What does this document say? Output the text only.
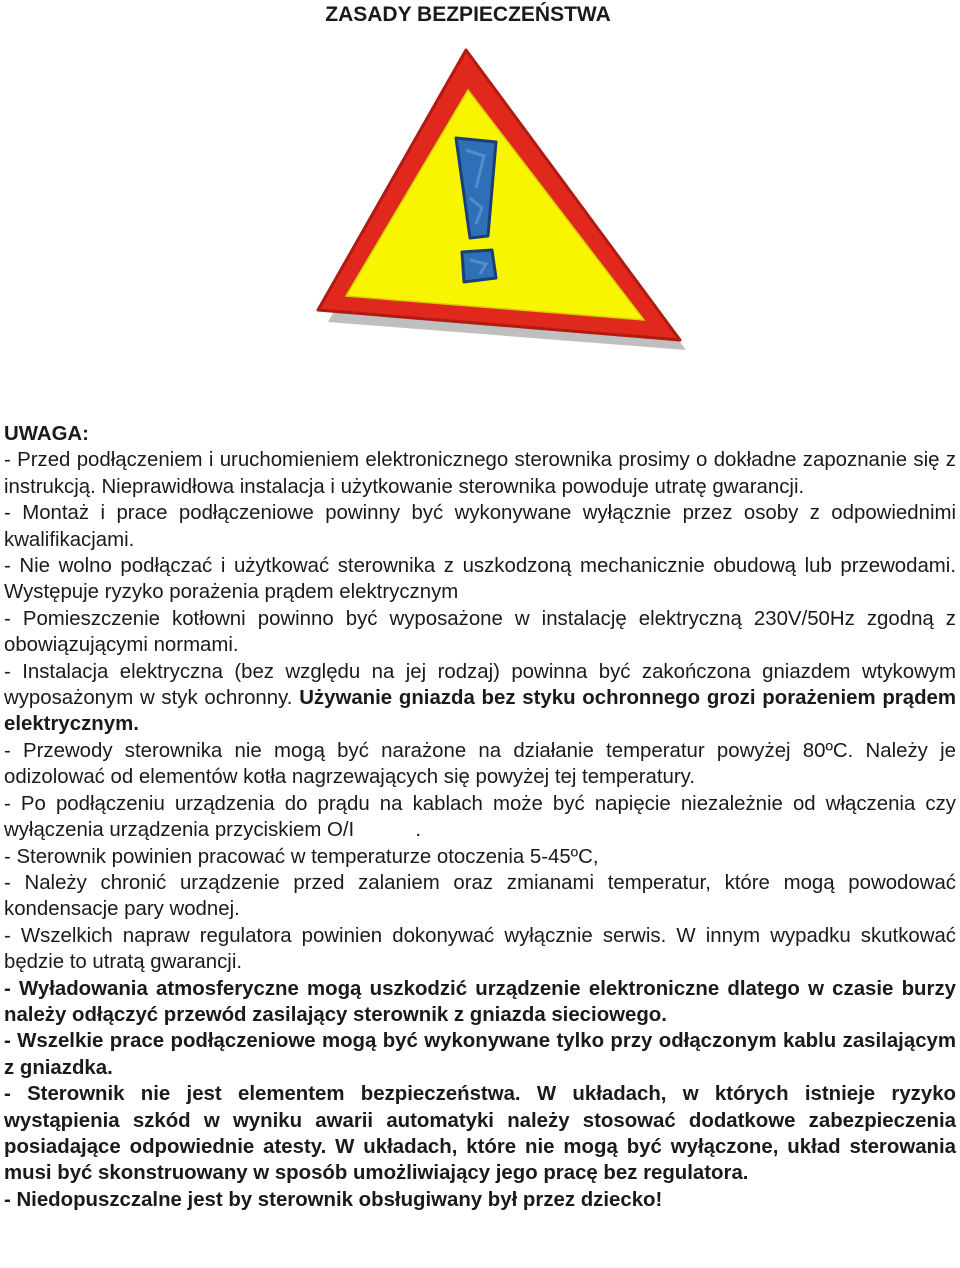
ZASADY BEZPIECZEŃSTWA

UWAGA:

- Przed podłączeniem i uruchomieniem elektronicznego sterownika prosimy o dokładne zapoznanie się z instrukcją. Nieprawidłowa instalacja i użytkowanie sterownika powoduje utratę gwarancji.

- Montaż i prace podłączeniowe powinny być wykonywane wyłącznie przez osoby z odpowiednimi kwalifikacjami.

- Nie wolno podłączać i użytkować sterownika z uszkodzoną mechanicznie obudową lub przewodami. Występuje ryzyko porażenia prądem elektrycznym

- Pomieszczenie kotłowni powinno być wyposażone w instalację elektryczną 230V/50Hz zgodną z obowiązującymi normami.

- Instalacja elektryczna (bez względu na jej rodzaj) powinna być zakończona gniazdem wtykowym wyposażonym w styk ochronny. Używanie gniazda bez styku ochronnego grozi porażeniem prądem elektrycznym.

- Przewody sterownika nie mogą być narażone na działanie temperatur powyżej 80ºC. Należy je odizolować od elementów kotła nagrzewających się powyżej tej temperatury.

- Po podłączeniu urządzenia do prądu na kablach może być napięcie niezależnie od włączenia czy wyłączenia urządzenia przyciskiem O/I   .

- Sterownik powinien pracować w temperaturze otoczenia 5-45ºC,

- Należy chronić urządzenie przed zalaniem oraz zmianami temperatur, które mogą powodować kondensacje pary wodnej.

- Wszelkich napraw regulatora powinien dokonywać wyłącznie serwis. W innym wypadku skutkować będzie to utratą gwarancji.

- Wyładowania atmosferyczne mogą uszkodzić urządzenie elektroniczne dlatego w czasie burzy należy odłączyć przewód zasilający sterownik z gniazda sieciowego.

- Wszelkie prace podłączeniowe mogą być wykonywane tylko przy odłączonym kablu zasilającym z gniazdka.

- Sterownik nie jest elementem bezpieczeństwa. W układach, w których istnieje ryzyko wystąpienia szkód w wyniku awarii automatyki należy stosować dodatkowe zabezpieczenia posiadające odpowiednie atesty. W układach, które nie mogą być wyłączone, układ sterowania musi być skonstruowany w sposób umożliwiający jego pracę bez regulatora.

- Niedopuszczalne jest by sterownik obsługiwany był przez dziecko!
